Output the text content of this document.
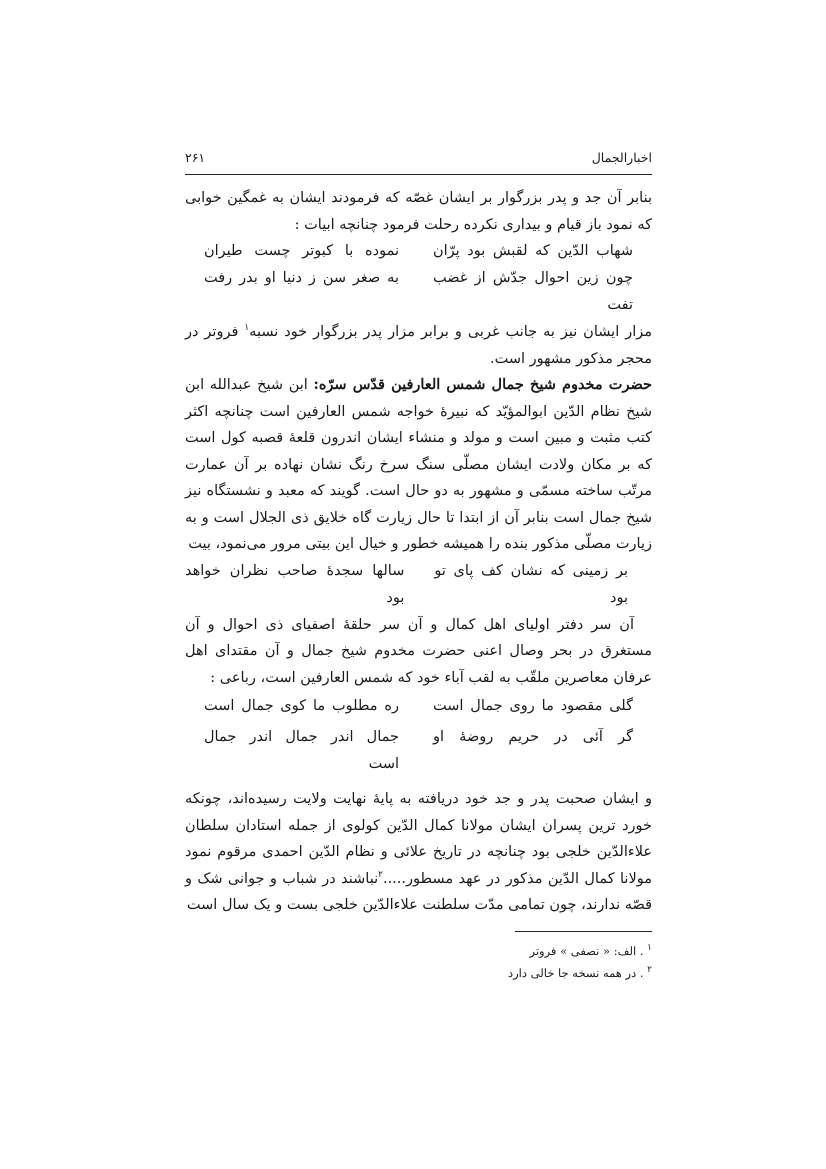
اخبارالجمال
۲۶۱

بنابر آن جد و پدر بزرگوار بر ایشان غصّه که فرمودند ایشان به غمگین خوابی که نمود باز قیام و بیداری نکرده رحلت فرمود چنانچه ابیات :

شهاب الدّین که لقبش بود پرّان
نموده با کبوتر چست طیران
چون زین احوال جدّش از غضب تفت
به صغر سن ز دنیا او بدر رفت

مزار ایشان نیز به جانب غربی و برابر مزار پدر بزرگوار خود نسبه$^۱$ فروتر در محجر مذکور مشهور است.

حضرت مخدوم شیخ جمال شمس العارفین قدّس سرّه: ابن شیخ عبدالله ابن شیخ نظام الدّین ابوالمؤیّد که نبیرۀ خواجه شمس العارفین است چنانچه اکثر کتب مثبت و مبین است و مولد و منشاء ایشان اندرون قلعۀ قصبه کول است که بر مکان ولادت ایشان مصلّی سنگ سرخ رنگ نشان نهاده بر آن عمارت مرتّب ساخته مسمّی و مشهور به دو حال است. گویند که معبد و نشستگاه نیز شیخ جمال است بنابر آن از ابتدا تا حال زیارت گاه خلایق ذی الجلال است و به زیارت مصلّی مذکور بنده را همیشه خطور و خیال این بیتی مرور می‌نمود، بیت

بر زمینی که نشان کف پای تو بود
سالها سجدۀ صاحب نظران خواهد بود

آن سر دفتر اولیای اهل کمال و آن سر حلقۀ اصفیای ذی احوال و آن مستغرق در بحر وصال اعنی حضرت مخدوم شیخ جمال و آن مقتدای اهل عرفان معاصرین ملقّب به لقب آباء خود که شمس العارفین است، رباعی :

گلی مقصود ما روی جمال است
ره مطلوب ما کوی جمال است
گر آئی در حریم روضۀ او
جمال اندر جمال اندر جمال است

و ایشان صحبت پدر و جد خود دریافته به پایۀ نهایت ولایت رسیده‌اند، چونکه خورد ترین پسران ایشان مولانا کمال الدّین کولوی از جمله استادان سلطان علاءالدّین خلجی بود چنانچه در تاریخ علائی و نظام الدّین احمدی مرقوم نمود مولانا کمال الدّین مذکور در عهد مسطور.....$^۲$نباشند در شباب و جوانی شک و قصّه ندارند، چون تمامی مدّت سلطنت علاءالدّین خلجی بست و یک سال است

$^۱$ . الف: « نصفی » فروتر
$^۲$ . در همه نسخه جا خالی دارد
